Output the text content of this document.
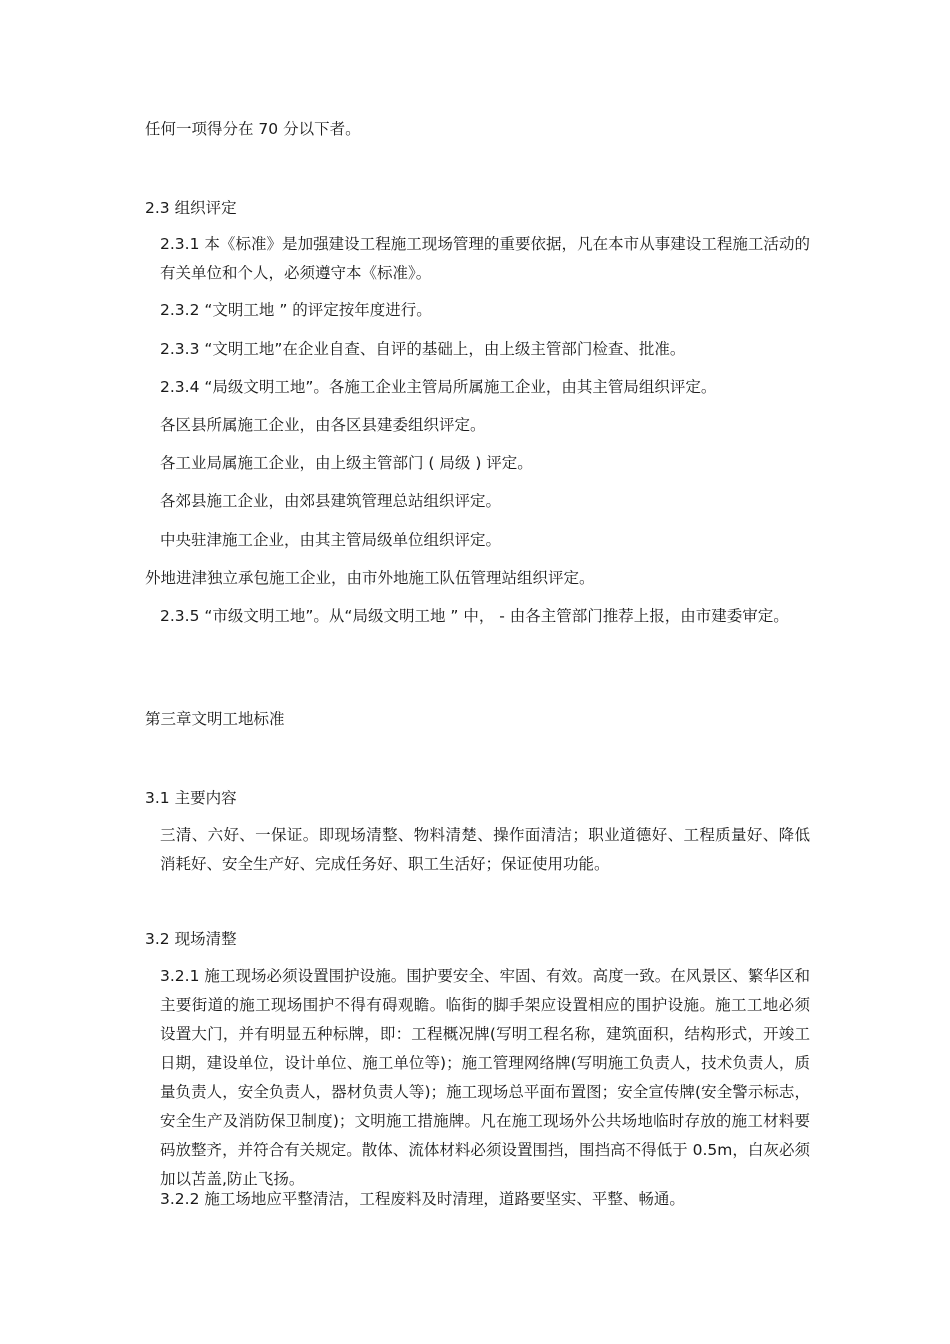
任何一项得分在 70 分以下者。
2.3 组织评定
2.3.1 本《标准》是加强建设工程施工现场管理的重要依据，凡在本市从事建设工程施工活动的有关单位和个人，必须遵守本《标准》。
2.3.2 “文明工地 ” 的评定按年度进行。
2.3.3 “文明工地”在企业自查、自评的基础上，由上级主管部门检查、批准。
2.3.4 “局级文明工地”。各施工企业主管局所属施工企业，由其主管局组织评定。
各区县所属施工企业，由各区县建委组织评定。
各工业局属施工企业，由上级主管部门 ( 局级 ) 评定。
各郊县施工企业，由郊县建筑管理总站组织评定。
中央驻津施工企业，由其主管局级单位组织评定。
外地进津独立承包施工企业，由市外地施工队伍管理站组织评定。
2.3.5 “市级文明工地”。从“局级文明工地 ” 中， - 由各主管部门推荐上报，由市建委审定。
第三章文明工地标准
3.1 主要内容
三清、六好、一保证。即现场清整、物料清楚、操作面清洁；职业道德好、工程质量好、降低消耗好、安全生产好、完成任务好、职工生活好；保证使用功能。
3.2 现场清整
3.2.1 施工现场必须设置围护设施。围护要安全、牢固、有效。高度一致。在风景区、繁华区和主要街道的施工现场围护不得有碍观瞻。临街的脚手架应设置相应的围护设施。施工工地必须设置大门，并有明显五种标牌，即：工程概况牌(写明工程名称，建筑面积，结构形式，开竣工日期，建设单位，设计单位、施工单位等)；施工管理网络牌(写明施工负责人，技术负责人，质量负责人，安全负责人，器材负责人等)；施工现场总平面布置图；安全宣传牌(安全警示标志，安全生产及消防保卫制度)；文明施工措施牌。凡在施工现场外公共场地临时存放的施工材料要码放整齐，并符合有关规定。散体、流体材料必须设置围挡，围挡高不得低于 0.5m，白灰必须加以苫盖,防止飞扬。
3.2.2 施工场地应平整清洁，工程废料及时清理，道路要坚实、平整、畅通。
